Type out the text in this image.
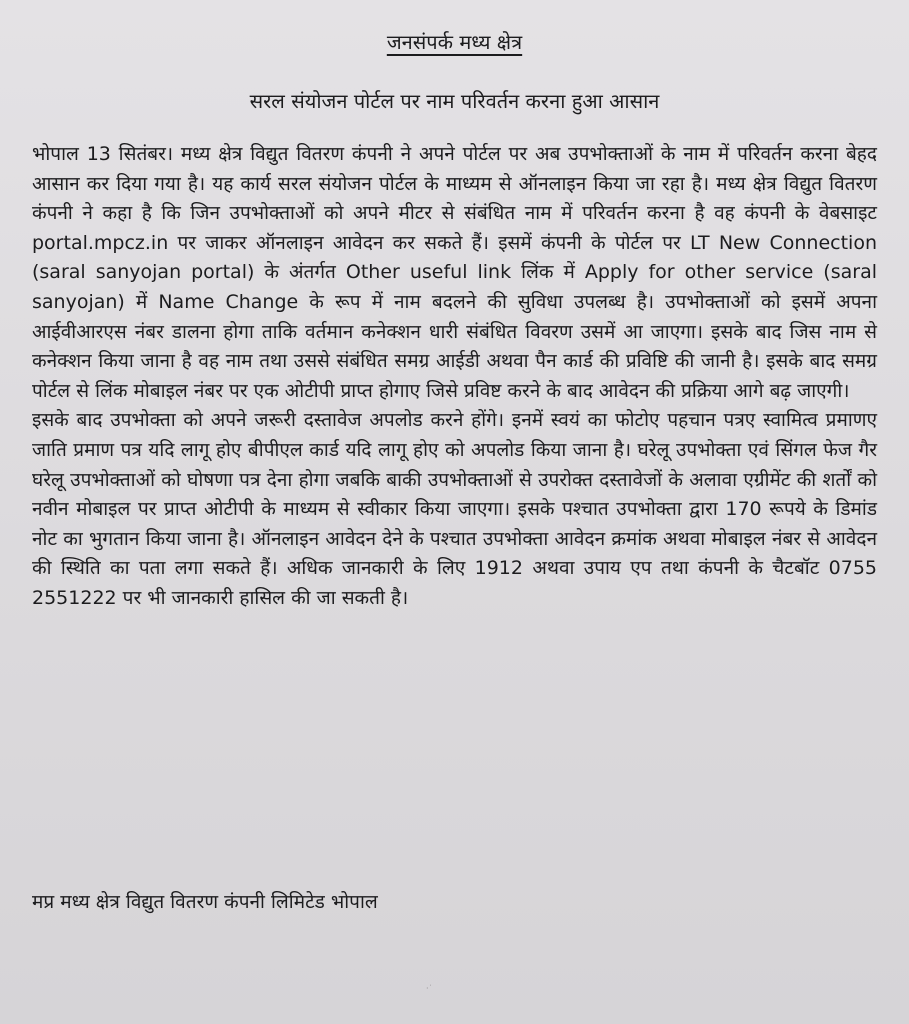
जनसंपर्क मध्य क्षेत्र
सरल संयोजन पोर्टल पर नाम परिवर्तन करना हुआ आसान

भोपाल 13 सितंबर। मध्य क्षेत्र विद्युत वितरण कंपनी ने अपने पोर्टल पर अब उपभोक्ताओं के नाम में परिवर्तन करना बेहद आसान कर दिया गया है। यह कार्य सरल संयोजन पोर्टल के माध्यम से ऑनलाइन किया जा रहा है। मध्य क्षेत्र विद्युत वितरण कंपनी ने कहा है कि जिन उपभोक्ताओं को अपने मीटर से संबंधित नाम में परिवर्तन करना है वह कंपनी के वेबसाइट portal.mpcz.in पर जाकर ऑनलाइन आवेदन कर सकते हैं। इसमें कंपनी के पोर्टल पर LT New Connection (saral sanyojan portal) के अंतर्गत Other useful link लिंक में Apply for other service (saral sanyojan) में Name Change के रूप में नाम बदलने की सुविधा उपलब्ध है। उपभोक्ताओं को इसमें अपना आईवीआरएस नंबर डालना होगा ताकि वर्तमान कनेक्शन धारी संबंधित विवरण उसमें आ जाएगा। इसके बाद जिस नाम से कनेक्शन किया जाना है वह नाम तथा उससे संबंधित समग्र आईडी अथवा पैन कार्ड की प्रविष्टि की जानी है। इसके बाद समग्र पोर्टल से लिंक मोबाइल नंबर पर एक ओटीपी प्राप्त होगाए जिसे प्रविष्ट करने के बाद आवेदन की प्रक्रिया आगे बढ़ जाएगी।

इसके बाद उपभोक्ता को अपने जरूरी दस्तावेज अपलोड करने होंगे। इनमें स्वयं का फोटोए पहचान पत्रए स्वामित्व प्रमाणए जाति प्रमाण पत्र यदि लागू होए बीपीएल कार्ड यदि लागू होए को अपलोड किया जाना है। घरेलू उपभोक्ता एवं सिंगल फेज गैर घरेलू उपभोक्ताओं को घोषणा पत्र देना होगा जबकि बाकी उपभोक्ताओं से उपरोक्त दस्तावेजों के अलावा एग्रीमेंट की शर्तों को नवीन मोबाइल पर प्राप्त ओटीपी के माध्यम से स्वीकार किया जाएगा। इसके पश्चात उपभोक्ता द्वारा 170 रूपये के डिमांड नोट का भुगतान किया जाना है। ऑनलाइन आवेदन देने के पश्चात उपभोक्ता आवेदन क्रमांक अथवा मोबाइल नंबर से आवेदन की स्थिति का पता लगा सकते हैं। अधिक जानकारी के लिए 1912 अथवा उपाय एप तथा कंपनी के चैटबॉट 0755 2551222 पर भी जानकारी हासिल की जा सकती है।

मप्र मध्य क्षेत्र विद्युत वितरण कंपनी लिमिटेड भोपाल
·˙
